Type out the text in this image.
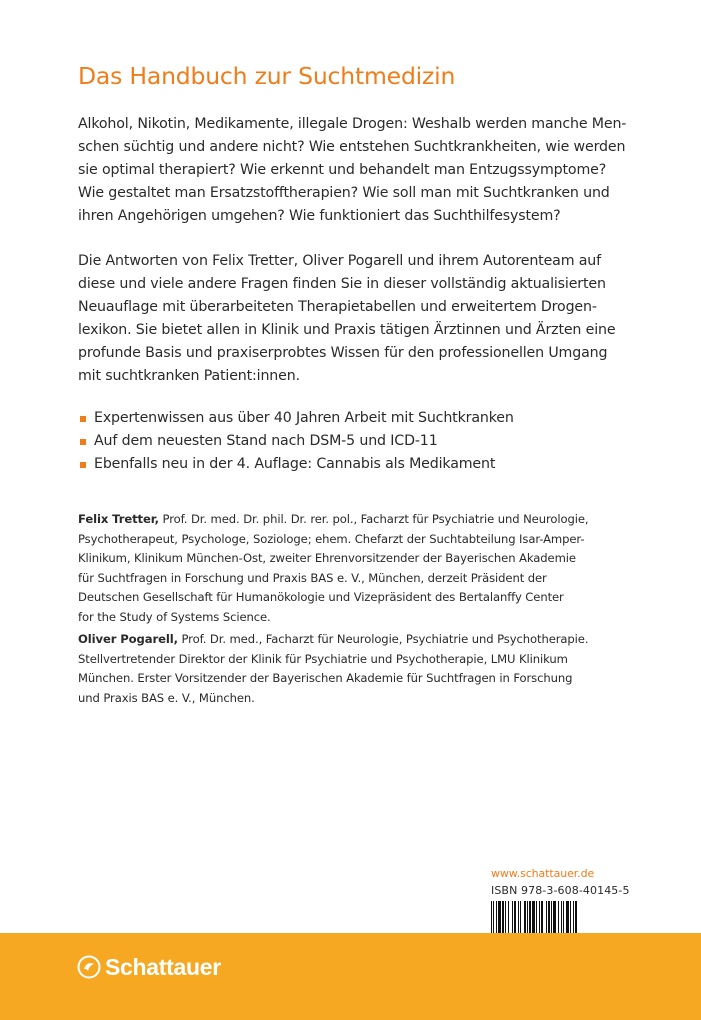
Das Handbuch zur Suchtmedizin

Alkohol, Nikotin, Medikamente, illegale Drogen: Weshalb werden manche Men-
schen süchtig und andere nicht? Wie entstehen Suchtkrankheiten, wie werden
sie optimal therapiert? Wie erkennt und behandelt man Entzugssymptome?
Wie gestaltet man Ersatzstofftherapien? Wie soll man mit Suchtkranken und
ihren Angehörigen umgehen? Wie funktioniert das Suchthilfesystem?

Die Antworten von Felix Tretter, Oliver Pogarell und ihrem Autorenteam auf
diese und viele andere Fragen finden Sie in dieser vollständig aktualisierten
Neuauflage mit überarbeiteten Therapietabellen und erweitertem Drogen-
lexikon. Sie bietet allen in Klinik und Praxis tätigen Ärztinnen und Ärzten eine
profunde Basis und praxiserprobtes Wissen für den professionellen Umgang
mit suchtkranken Patient:innen.

Expertenwissen aus über 40 Jahren Arbeit mit Suchtkranken
Auf dem neuesten Stand nach DSM-5 und ICD-11
Ebenfalls neu in der 4. Auflage: Cannabis als Medikament

Felix Tretter, Prof. Dr. med. Dr. phil. Dr. rer. pol., Facharzt für Psychiatrie und Neurologie,
Psychotherapeut, Psychologe, Soziologe; ehem. Chefarzt der Suchtabteilung Isar-Amper-
Klinikum, Klinikum München-Ost, zweiter Ehrenvorsitzender der Bayerischen Akademie
für Suchtfragen in Forschung und Praxis BAS e. V., München, derzeit Präsident der
Deutschen Gesellschaft für Humanökologie und Vizepräsident des Bertalanffy Center
for the Study of Systems Science.

Oliver Pogarell, Prof. Dr. med., Facharzt für Neurologie, Psychiatrie und Psychotherapie.
Stellvertretender Direktor der Klinik für Psychiatrie und Psychotherapie, LMU Klinikum
München. Erster Vorsitzender der Bayerischen Akademie für Suchtfragen in Forschung
und Praxis BAS e. V., München.

www.schattauer.de
ISBN 978-3-608-40145-5
Schattauer
